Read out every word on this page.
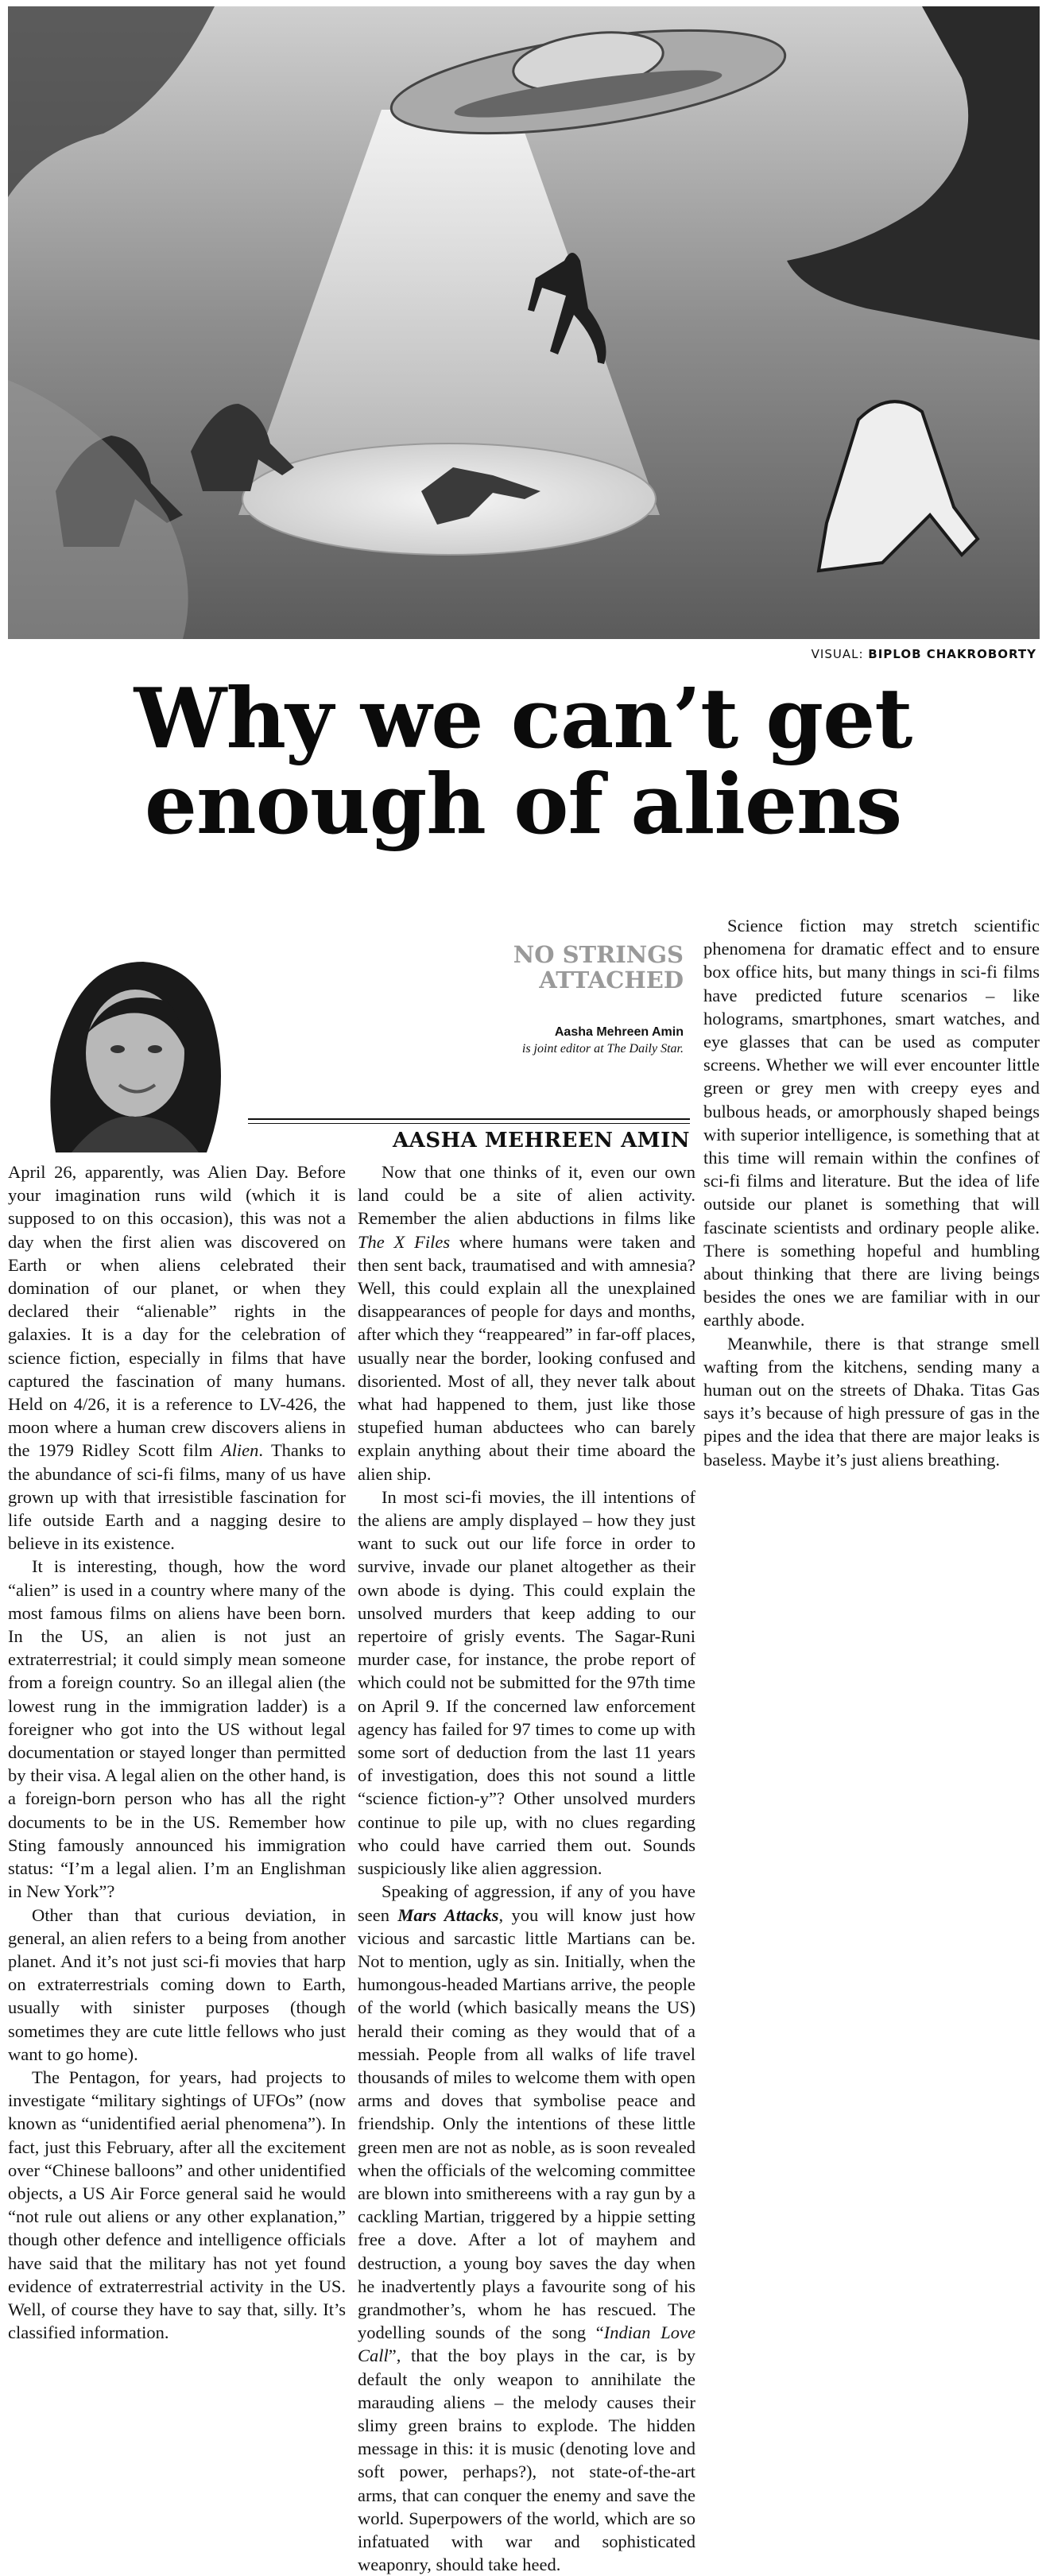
VISUAL: BIPLOB CHAKROBORTY
Why we can’t get
enough of aliens
NO STRINGS
ATTACHED
Aasha Mehreen Amin
is joint editor at The Daily Star.
AASHA MEHREEN AMIN

April 26, apparently, was Alien Day. Before your imagination runs wild (which it is supposed to on this occasion), this was not a day when the first alien was discovered on Earth or when aliens celebrated their domination of our planet, or when they declared their “alienable” rights in the galaxies. It is a day for the celebration of science fiction, especially in films that have captured the fascination of many humans. Held on 4/26, it is a reference to LV-426, the moon where a human crew discovers aliens in the 1979 Ridley Scott film Alien. Thanks to the abundance of sci-fi films, many of us have grown up with that irresistible fascination for life outside Earth and a nagging desire to believe in its existence.

It is interesting, though, how the word “alien” is used in a country where many of the most famous films on aliens have been born. In the US, an alien is not just an extraterrestrial; it could simply mean someone from a foreign country. So an illegal alien (the lowest rung in the immigration ladder) is a foreigner who got into the US without legal documentation or stayed longer than permitted by their visa. A legal alien on the other hand, is a foreign-born person who has all the right documents to be in the US. Remember how Sting famously announced his immigration status: “I’m a legal alien. I’m an Englishman in New York”?

Other than that curious deviation, in general, an alien refers to a being from another planet. And it’s not just sci-fi movies that harp on extraterrestrials coming down to Earth, usually with sinister purposes (though sometimes they are cute little fellows who just want to go home).

The Pentagon, for years, had projects to investigate “military sightings of UFOs” (now known as “unidentified aerial phenomena”). In fact, just this February, after all the excitement over “Chinese balloons” and other unidentified objects, a US Air Force general said he would “not rule out aliens or any other explanation,” though other defence and intelligence officials have said that the military has not yet found evidence of extraterrestrial activity in the US. Well, of course they have to say that, silly. It’s classified information.

Now that one thinks of it, even our own land could be a site of alien activity. Remember the alien abductions in films like The X Files where humans were taken and then sent back, traumatised and with amnesia? Well, this could explain all the unexplained disappearances of people for days and months, after which they “reappeared” in far-off places, usually near the border, looking confused and disoriented. Most of all, they never talk about what had happened to them, just like those stupefied human abductees who can barely explain anything about their time aboard the alien ship.

In most sci-fi movies, the ill intentions of the aliens are amply displayed – how they just want to suck out our life force in order to survive, invade our planet altogether as their own abode is dying. This could explain the unsolved murders that keep adding to our repertoire of grisly events. The Sagar-Runi murder case, for instance, the probe report of which could not be submitted for the 97th time on April 9. If the concerned law enforcement agency has failed for 97 times to come up with some sort of deduction from the last 11 years of investigation, does this not sound a little “science fiction-y”? Other unsolved murders continue to pile up, with no clues regarding who could have carried them out. Sounds suspiciously like alien aggression.

Speaking of aggression, if any of you have seen Mars Attacks, you will know just how vicious and sarcastic little Martians can be. Not to mention, ugly as sin. Initially, when the humongous-headed Martians arrive, the people of the world (which basically means the US) herald their coming as they would that of a messiah. People from all walks of life travel thousands of miles to welcome them with open arms and doves that symbolise peace and friendship. Only the intentions of these little green men are not as noble, as is soon revealed when the officials of the welcoming committee are blown into smithereens with a ray gun by a cackling Martian, triggered by a hippie setting free a dove. After a lot of mayhem and destruction, a young boy saves the day when he inadvertently plays a favourite song of his grandmother’s, whom he has rescued. The yodelling sounds of the song “Indian Love Call”, that the boy plays in the car, is by default the only weapon to annihilate the marauding aliens – the melody causes their slimy green brains to explode. The hidden message in this: it is music (denoting love and soft power, perhaps?), not state-of-the-art arms, that can conquer the enemy and save the world. Superpowers of the world, which are so infatuated with war and sophisticated weaponry, should take heed.

Science fiction may stretch scientific phenomena for dramatic effect and to ensure box office hits, but many things in sci-fi films have predicted future scenarios – like holograms, smartphones, smart watches, and eye glasses that can be used as computer screens. Whether we will ever encounter little green or grey men with creepy eyes and bulbous heads, or amorphously shaped beings with superior intelligence, is something that at this time will remain within the confines of sci-fi films and literature. But the idea of life outside our planet is something that will fascinate scientists and ordinary people alike. There is something hopeful and humbling about thinking that there are living beings besides the ones we are familiar with in our earthly abode.

Meanwhile, there is that strange smell wafting from the kitchens, sending many a human out on the streets of Dhaka. Titas Gas says it’s because of high pressure of gas in the pipes and the idea that there are major leaks is baseless. Maybe it’s just aliens breathing.
